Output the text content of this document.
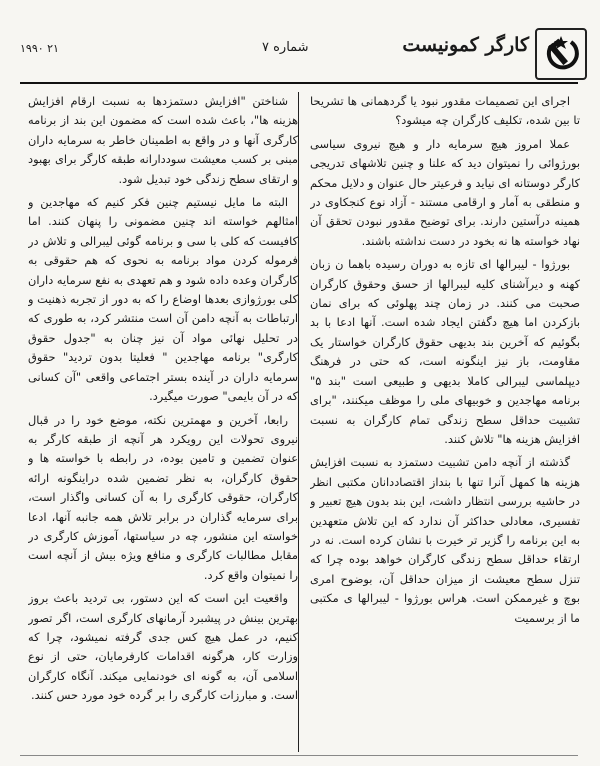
کارگر کمونیست
شماره ۷
۲۱ ۱۹۹۰

اجرای این تصمیمات مقدور نبود یا گردهمانی ها تشریحا تا بین شده، تکلیف کارگران چه میشود؟

عملا امروز هیچ سرمایه دار و هیچ نیروی سیاسی بورژوائی را نمیتوان دید که علنا و چنین تلاشهای تدریجی کارگر دوستانه ای نیاید و فرعیتر حال عنوان و دلایل محکم و منطقی به آمار و ارقامی مستند - آزاد نوع کنجکاوی در همینه درآستین دارند. برای توضیح مقدور نبودن تحقق آن نهاد خواسته ها نه بخود در دست نداشته باشند.

بورژوا - لیبرالها ای تازه به دوران رسیده باهما ن زبان کهنه و دیرآشنای کلیه لیبرالها از حسق وحقوق کارگران صحبت می کنند. در زمان چند پهلوئی که برای نمان بازکردن اما هیچ دگفتن ایجاد شده است. آنها ادعا با بد بگوئیم که آخرین بند بدیهی حقوق کارگران خواستار یک مقاومت، باز نیز اینگونه است، که حتی در فرهنگ دیپلماسی لیبرالی کاملا بدیهی و طبیعی است "بند ۵" برنامه مهاجدین و خوبیهای ملی را موظف میکنند، "برای تشبیت حداقل سطح زندگی تمام کارگران به نسبت افزایش هزینه ها" تلاش کنند.

گذشته از آنچه دامن تشبیت دستمزد به نسبت افزایش هزینه ها کمهل آنرا تنها با بنداز اقتصاددانان مکتبی انظر در حاشیه بررسی انتظار داشت، این بند بدون هیچ تعبیر و تفسیری، معادلی حداکثر آن ندارد که این تلاش متعهدین به این برنامه را گزیر تر خیرت با نشان کرده است. نه در ارتقاء حداقل سطح زندگی کارگران خواهد بوده چرا که تنزل سطح معیشت از میزان حداقل آن، بوضوح امری بوچ و غیرممکن است. هراس بورژوا - لیبرالها ی مکتبی ما از برسمیت

شناختن "افزایش دستمزدها به نسبت ارقام افزایش هزینه ها"، باعث شده است که مضمون این بند از برنامه کارگری آنها و در واقع به اطمینان خاطر به سرمایه داران مبنی بر کسب معیشت سوددارانه طبقه کارگر برای بهبود و ارتقای سطح زندگی خود تبدیل شود.

البته ما مایل نیستیم چنین فکر کنیم که مهاجدین و امثالهم خواسته اند چنین مضمونی را پنهان کنند. اما کافیست که کلی با سی و برنامه گوئی لیبرالی و تلاش در فرموله کردن مواد برنامه به نحوی که هم حقوقی به کارگران وعده داده شود و هم تعهدی به نفع سرمایه داران کلی بورژوازی بعدها اوضاع را که به دور از تجربه ذهنیت و ارتباطات به آنچه دامن آن است منتشر کرد، به طوری که در تحلیل نهائی مواد آن نیز چنان به "جدول حقوق کارگری" برنامه مهاجدین " فعلیتا بدون تردید" حقوق سرمایه داران در آینده بستر اجتماعی واقعی "آن کسانی که در آن بایمی" صورت میگیرد.

رابعا، آخرین و مهمترین نکته، موضع خود را در قبال نیروی تحولات این رویکرد هر آنچه از طبقه کارگر به عنوان تضمین و تامین بوده، در رابطه با خواسته ها و حقوق کارگران، به نظر تضمین شده دراینگونه ارائه کارگران، حقوقی کارگری را به آن کسانی واگذار است، برای سرمایه گذاران در برابر تلاش همه جانبه آنها، ادعا خواسته این منشور، چه در سیاستها، آموزش کارگری در مقابل مطالبات کارگری و منافع ویژه بیش از آنچه است را نمیتوان واقع کرد.

واقعیت این است که این دستور، بی تردید باعث بروز بهترین بینش در پیشبرد آرمانهای کارگری است، اگر تصور کنیم، در عمل هیچ کس جدی گرفته نمیشود، چرا که وزارت کار، هرگونه اقدامات کارفرمایان، حتی از نوع اسلامی آن، به گونه ای خودنمایی میکند. آنگاه کارگران است. و مبارزات کارگری را بر گرده خود مورد حس کنند.
